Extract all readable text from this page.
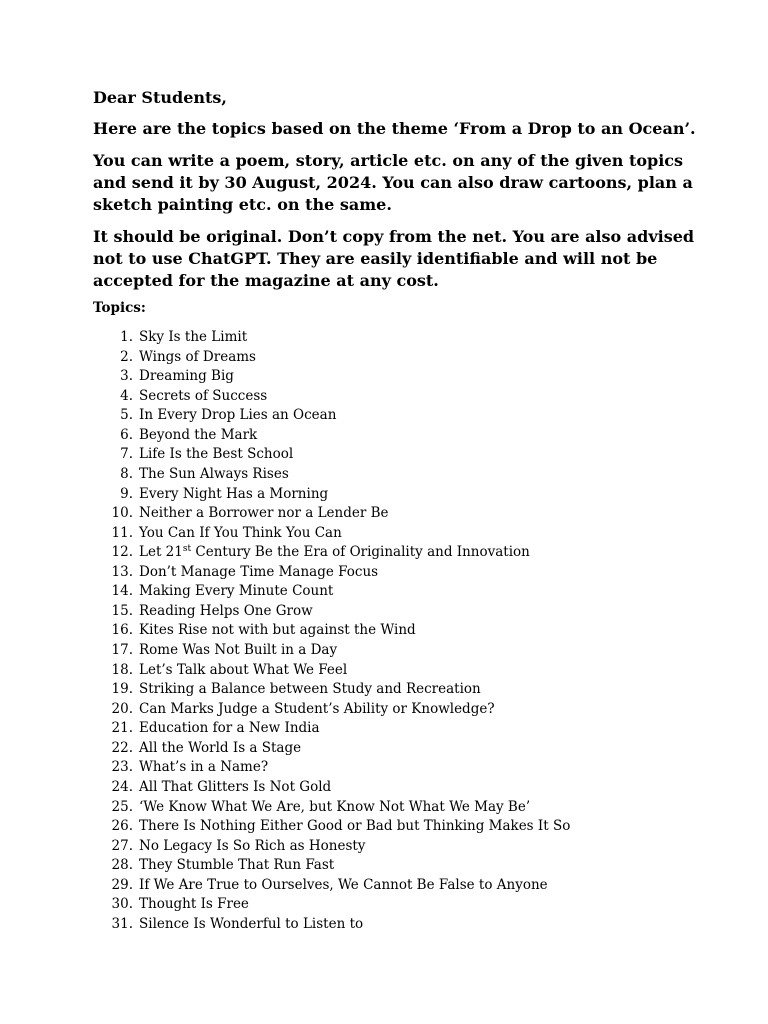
Dear Students,

Here are the topics based on the theme ‘From a Drop to an Ocean’.

You can write a poem, story, article etc. on any of the given topics and send it by 30 August, 2024. You can also draw cartoons, plan a sketch painting etc. on the same.

It should be original. Don’t copy from the net. You are also advised not to use ChatGPT. They are easily identifiable and will not be accepted for the magazine at any cost.

Topics:

1. Sky Is the Limit
2. Wings of Dreams
3. Dreaming Big
4. Secrets of Success
5. In Every Drop Lies an Ocean
6. Beyond the Mark
7. Life Is the Best School
8. The Sun Always Rises
9. Every Night Has a Morning
10. Neither a Borrower nor a Lender Be
11. You Can If You Think You Can
12. Let 21st Century Be the Era of Originality and Innovation
13. Don’t Manage Time Manage Focus
14. Making Every Minute Count
15. Reading Helps One Grow
16. Kites Rise not with but against the Wind
17. Rome Was Not Built in a Day
18. Let’s Talk about What We Feel
19. Striking a Balance between Study and Recreation
20. Can Marks Judge a Student’s Ability or Knowledge?
21. Education for a New India
22. All the World Is a Stage
23. What’s in a Name?
24. All That Glitters Is Not Gold
25. ‘We Know What We Are, but Know Not What We May Be’
26. There Is Nothing Either Good or Bad but Thinking Makes It So
27. No Legacy Is So Rich as Honesty
28. They Stumble That Run Fast
29. If We Are True to Ourselves, We Cannot Be False to Anyone
30. Thought Is Free
31. Silence Is Wonderful to Listen to
